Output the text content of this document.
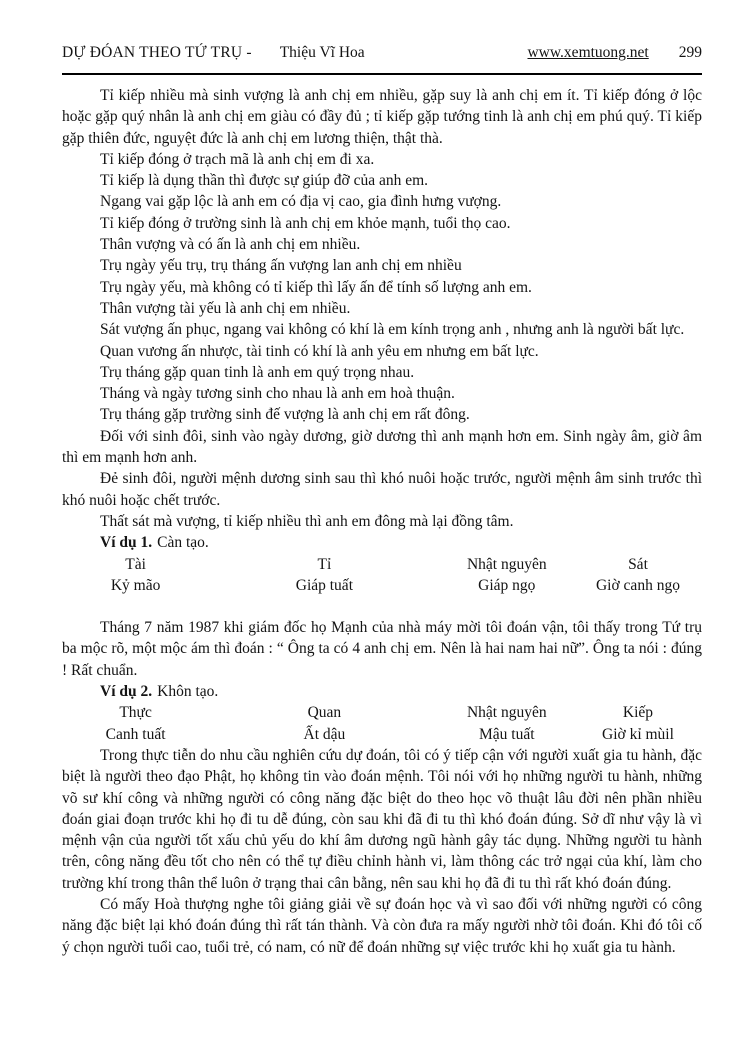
DỰ ĐÓAN THEO TỨ TRỤ - Thiệu Vĩ Hoa	www.xemtuong.net 299

Tỉ kiếp nhiều mà sinh vượng là anh chị em nhiều, gặp suy là anh chị em ít. Tỉ kiếp đóng ở lộc hoặc gặp quý nhân là anh chị em giàu có đầy đủ ; tỉ kiếp gặp tướng tinh là anh chị em phú quý. Tỉ kiếp gặp thiên đức, nguyệt đức là anh chị em lương thiện, thật thà.

Tỉ kiếp đóng ở trạch mã là anh chị em đi xa.

Tỉ kiếp là dụng thần thì được sự giúp đỡ của anh em.

Ngang vai gặp lộc là anh em có địa vị cao, gia đình hưng vượng.

Tỉ kiếp đóng ở trường sinh là anh chị em khỏe mạnh, tuổi thọ cao.

Thân vượng và có ấn là anh chị em nhiều.

Trụ ngày yếu trụ, trụ tháng ấn vượng lan anh chị em nhiều

Trụ ngày yếu, mà không có tỉ kiếp thì lấy ấn để tính số lượng anh em.

Thân vượng tài yếu là anh chị em nhiều.

Sát vượng ấn phục, ngang vai không có khí là em kính trọng anh , nhưng anh là người bất lực.

Quan vương ấn nhược, tài tinh có khí là anh yêu em nhưng em bất lực.

Trụ tháng gặp quan tinh là anh em quý trọng nhau.

Tháng và ngày tương sinh cho nhau là anh em hoà thuận.

Trụ tháng gặp trường sinh đế vượng là anh chị em rất đông.

Đối với sinh đôi, sinh vào ngày dương, giờ dương thì anh mạnh hơn em. Sinh ngày âm, giờ âm thì em mạnh hơn anh.

Đẻ sinh đôi, người mệnh dương sinh sau thì khó nuôi hoặc trước, người mệnh âm sinh trước thì khó nuôi hoặc chết trước.

Thất sát mà vượng, tỉ kiếp nhiều thì anh em đông mà lại đồng tâm.

Ví dụ 1. Càn tạo.

Tài	Tỉ	Nhật nguyên	Sát
Kỷ mão	Giáp tuất	Giáp ngọ	Giờ canh ngọ

Tháng 7 năm 1987 khi giám đốc họ Mạnh của nhà máy mời tôi đoán vận, tôi thấy trong Tứ trụ ba mộc rõ, một mộc ám thì đoán : “ Ông ta có 4 anh chị em. Nên là hai nam hai nữ”. Ông ta nói : đúng ! Rất chuẩn.

Ví dụ 2. Khôn tạo.

Thực	Quan	Nhật nguyên	Kiếp
Canh tuất	Ất dậu	Mậu tuất	Giờ kỉ mùil

Trong thực tiễn do nhu cầu nghiên cứu dự đoán, tôi có ý tiếp cận với người xuất gia tu hành, đặc biệt là người theo đạo Phật, họ không tin vào đoán mệnh. Tôi nói với họ những người tu hành, những võ sư khí công và những người có công năng đặc biệt do theo học võ thuật lâu đời nên phần nhiều đoán giai đoạn trước khi họ đi tu dễ đúng, còn sau khi đã đi tu thì khó đoán đúng. Sở dĩ như vậy là vì mệnh vận của người tốt xấu chủ yếu do khí âm dương ngũ hành gây tác dụng. Những người tu hành trên, công năng đều tốt cho nên có thể tự điều chỉnh hành vi, làm thông các trở ngại của khí, làm cho trường khí trong thân thể luôn ở trạng thai cân bằng, nên sau khi họ đã đi tu thì rất khó đoán đúng.

Có mấy Hoà thượng nghe tôi giảng giải về sự đoán học và vì sao đối với những người có công năng đặc biệt lại khó đoán đúng thì rất tán thành. Và còn đưa ra mấy người nhờ tôi đoán. Khi đó tôi cố ý chọn người tuổi cao, tuổi trẻ, có nam, có nữ để đoán những sự việc trước khi họ xuất gia tu hành.
